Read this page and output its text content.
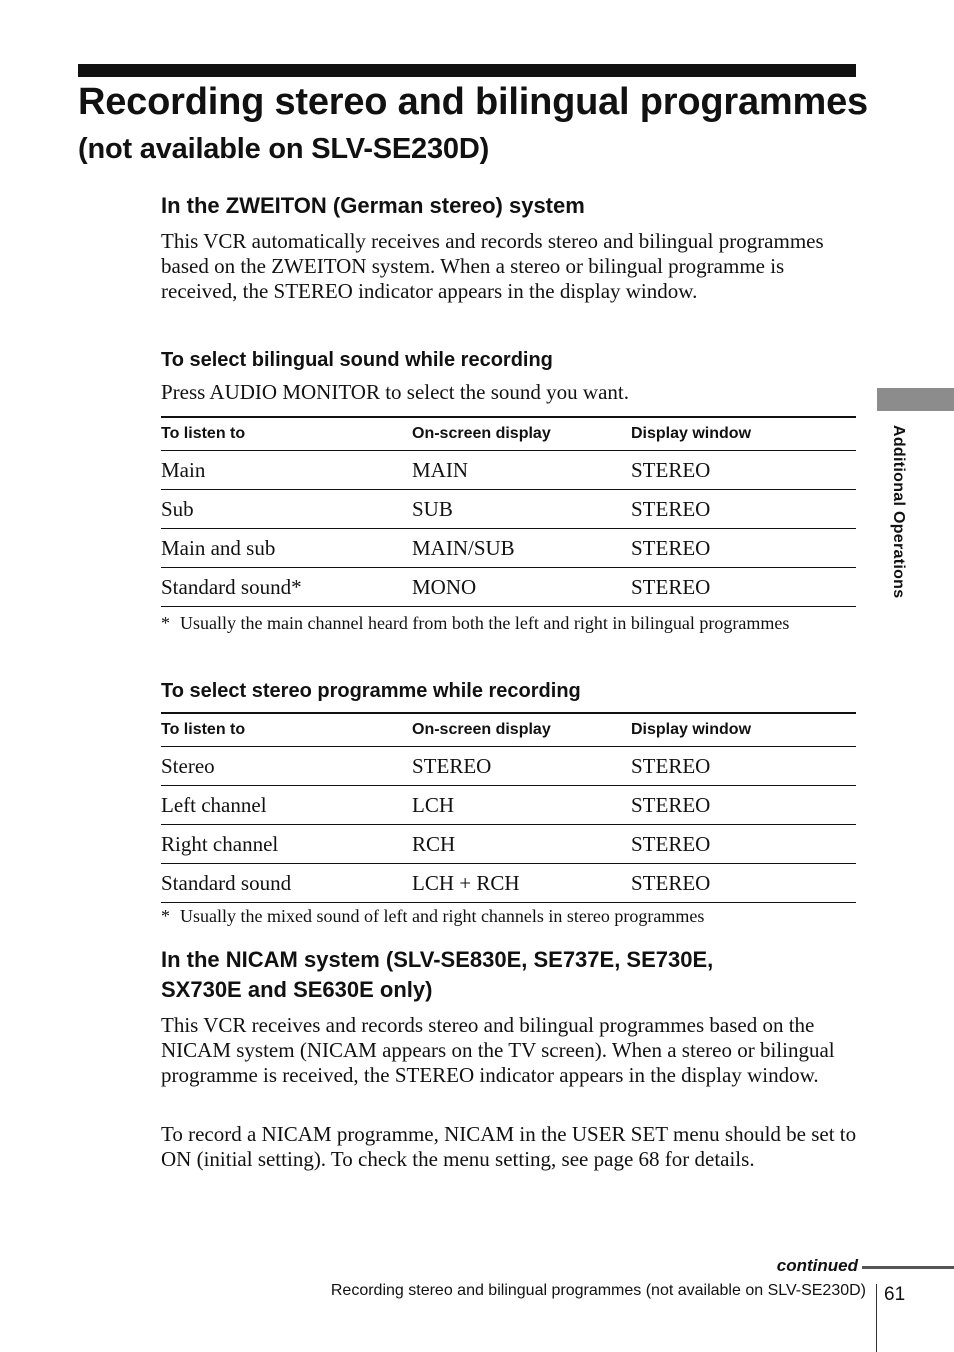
Recording stereo and bilingual programmes (not available on SLV-SE230D)
In the ZWEITON (German stereo) system
This VCR automatically receives and records stereo and bilingual programmes based on the ZWEITON system. When a stereo or bilingual programme is received, the STEREO indicator appears in the display window.
To select bilingual sound while recording
Press AUDIO MONITOR to select the sound you want.
To listen to	On-screen display	Display window
Main	MAIN	STEREO
Sub	SUB	STEREO
Main and sub	MAIN/SUB	STEREO
Standard sound*	MONO	STEREO
* Usually the main channel heard from both the left and right in bilingual programmes
To select stereo programme while recording
To listen to	On-screen display	Display window
Stereo	STEREO	STEREO
Left channel	LCH	STEREO
Right channel	RCH	STEREO
Standard sound	LCH + RCH	STEREO
* Usually the mixed sound of left and right channels in stereo programmes
In the NICAM system (SLV-SE830E, SE737E, SE730E,
SX730E and SE630E only)
This VCR receives and records stereo and bilingual programmes based on the NICAM system (NICAM appears on the TV screen). When a stereo or bilingual programme is received, the STEREO indicator appears in the display window.
To record a NICAM programme, NICAM in the USER SET menu should be set to ON (initial setting). To check the menu setting, see page 68 for details.
Additional Operations
continued
Recording stereo and bilingual programmes (not available on SLV-SE230D) 61
